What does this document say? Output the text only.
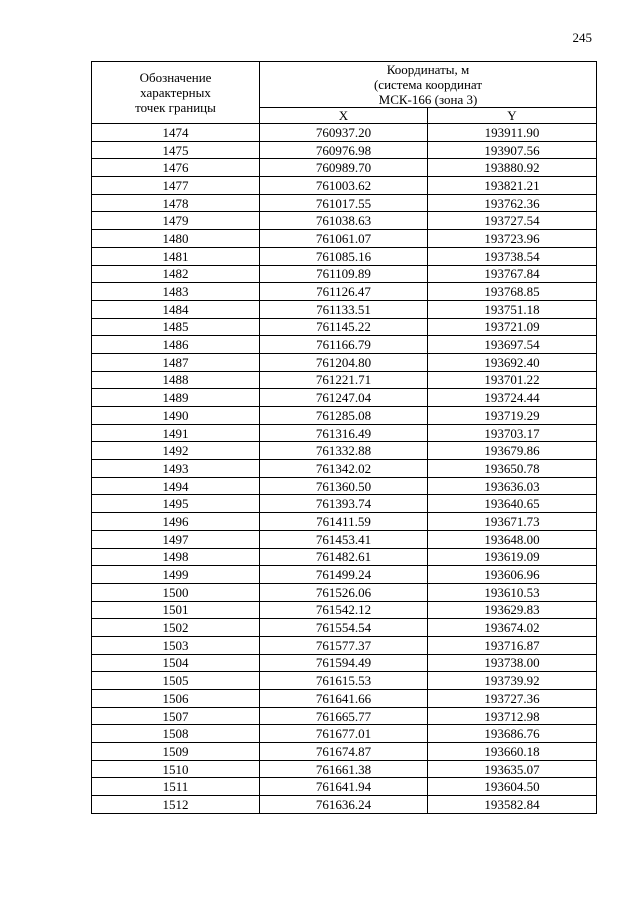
245
Обозначение
характерных
точек границы	Координаты, м
(система координат
МСК-166 (зона 3)	

	X	Y
1474	760937.20	193911.90
1475	760976.98	193907.56
1476	760989.70	193880.92
1477	761003.62	193821.21
1478	761017.55	193762.36
1479	761038.63	193727.54
1480	761061.07	193723.96
1481	761085.16	193738.54
1482	761109.89	193767.84
1483	761126.47	193768.85
1484	761133.51	193751.18
1485	761145.22	193721.09
1486	761166.79	193697.54
1487	761204.80	193692.40
1488	761221.71	193701.22
1489	761247.04	193724.44
1490	761285.08	193719.29
1491	761316.49	193703.17
1492	761332.88	193679.86
1493	761342.02	193650.78
1494	761360.50	193636.03
1495	761393.74	193640.65
1496	761411.59	193671.73
1497	761453.41	193648.00
1498	761482.61	193619.09
1499	761499.24	193606.96
1500	761526.06	193610.53
1501	761542.12	193629.83
1502	761554.54	193674.02
1503	761577.37	193716.87
1504	761594.49	193738.00
1505	761615.53	193739.92
1506	761641.66	193727.36
1507	761665.77	193712.98
1508	761677.01	193686.76
1509	761674.87	193660.18
1510	761661.38	193635.07
1511	761641.94	193604.50
1512	761636.24	193582.84
